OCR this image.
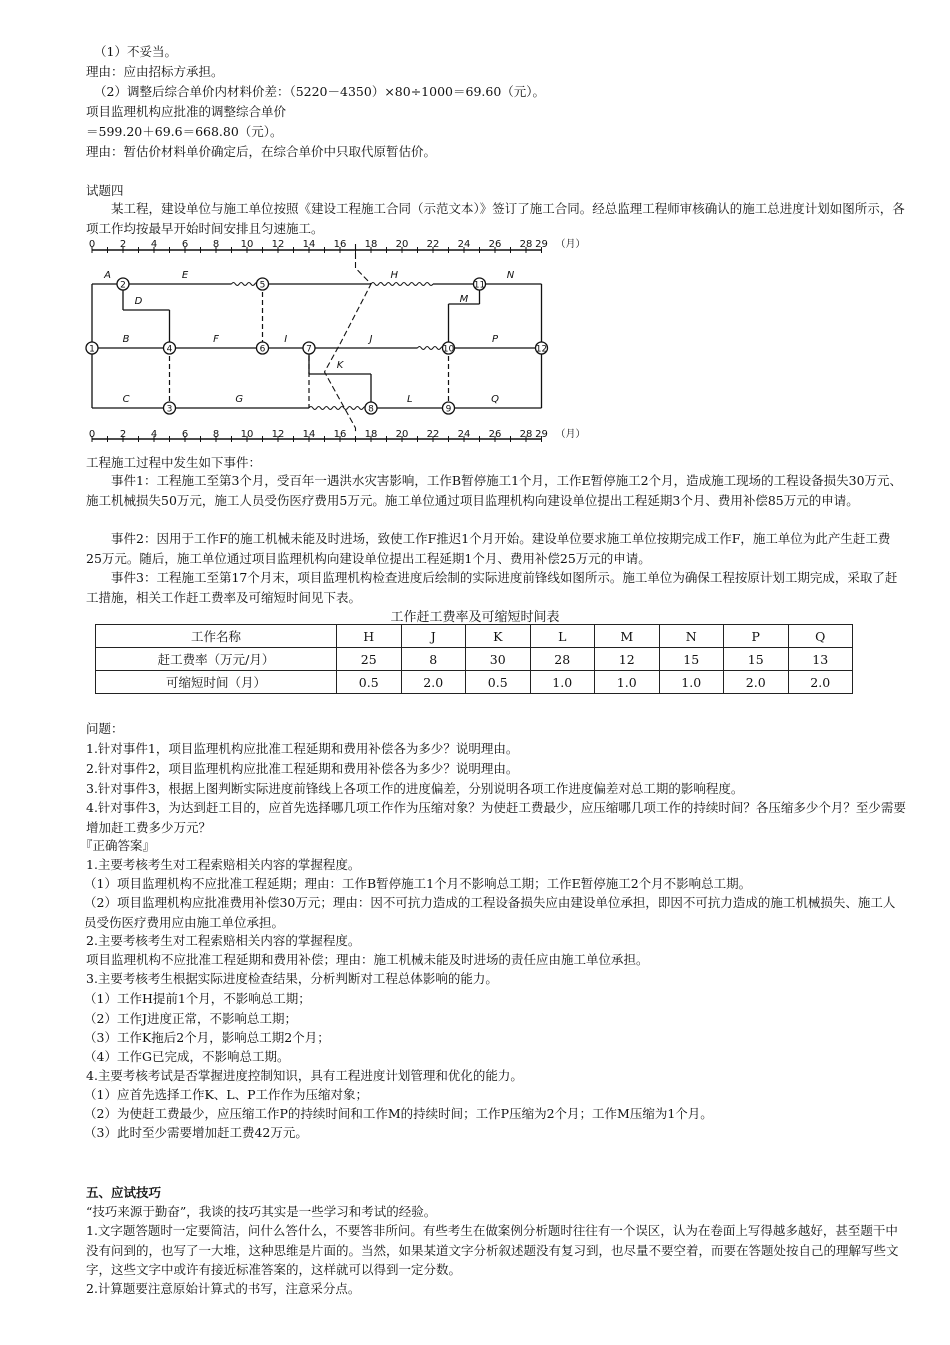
（1）不妥当。
理由：应由招标方承担。
（2）调整后综合单价内材料价差：（5220－4350）×80÷1000＝69.60（元）。
项目监理机构应批准的调整综合单价
＝599.20＋69.6＝668.80（元）。
理由：暂估价材料单价确定后，在综合单价中只取代原暂估价。
试题四
某工程，建设单位与施工单位按照《建设工程施工合同（示范文本）》签订了施工合同。经总监理工程师审核确认的施工总进度计划如图所示，各项工作均按最早开始时间安排且匀速施工。
0 2 4 6 8 10 12 14 16 18 20 22 24 26 28 29 （月）
0 2 4 6 8 10 12 14 16 18 20 22 24 26 28 29 （月）
1
2
3
4
5
6	7
8	9
10
11
12
A
B
C
D
E
F
G
H
I	J
K
L
M
N
P
Q
工程施工过程中发生如下事件：
事件1：工程施工至第3个月，受百年一遇洪水灾害影响，工作B暂停施工1个月，工作E暂停施工2个月，造成施工现场的工程设备损失30万元、施工机械损失50万元，施工人员受伤医疗费用5万元。施工单位通过项目监理机构向建设单位提出工程延期3个月、费用补偿85万元的申请。
事件2：因用于工作F的施工机械未能及时进场，致使工作F推迟1个月开始。建设单位要求施工单位按期完成工作F，施工单位为此产生赶工费25万元。随后，施工单位通过项目监理机构向建设单位提出工程延期1个月、费用补偿25万元的申请。
事件3：工程施工至第17个月末，项目监理机构检查进度后绘制的实际进度前锋线如图所示。施工单位为确保工程按原计划工期完成，采取了赶工措施，相关工作赶工费率及可缩短时间见下表。
工作赶工费率及可缩短时间表
工作名称	H	J	K	L	M	N	P	Q
赶工费率（万元/月）	25	8	30	28	12	15	15	13
可缩短时间（月）	0.5	2.0	0.5	1.0	1.0	1.0	2.0	2.0
问题：
1.针对事件1，项目监理机构应批准工程延期和费用补偿各为多少？说明理由。
2.针对事件2，项目监理机构应批准工程延期和费用补偿各为多少？说明理由。
3.针对事件3，根据上图判断实际进度前锋线上各项工作的进度偏差，分别说明各项工作进度偏差对总工期的影响程度。
4.针对事件3，为达到赶工目的，应首先选择哪几项工作作为压缩对象？为使赶工费最少，应压缩哪几项工作的持续时间？各压缩多少个月？至少需要增加赶工费多少万元？
『正确答案』
1.主要考核考生对工程索赔相关内容的掌握程度。
（1）项目监理机构不应批准工程延期；理由：工作B暂停施工1个月不影响总工期；工作E暂停施工2个月不影响总工期。
（2）项目监理机构应批准费用补偿30万元；理由：因不可抗力造成的工程设备损失应由建设单位承担，即因不可抗力造成的施工机械损失、施工人员受伤医疗费用应由施工单位承担。
2.主要考核考生对工程索赔相关内容的掌握程度。
项目监理机构不应批准工程延期和费用补偿；理由：施工机械未能及时进场的责任应由施工单位承担。
3.主要考核考生根据实际进度检查结果，分析判断对工程总体影响的能力。
（1）工作H提前1个月，不影响总工期；
（2）工作J进度正常，不影响总工期；
（3）工作K拖后2个月，影响总工期2个月；
（4）工作G已完成，不影响总工期。
4.主要考核考试是否掌握进度控制知识，具有工程进度计划管理和优化的能力。
（1）应首先选择工作K、L、P工作作为压缩对象；
（2）为使赶工费最少，应压缩工作P的持续时间和工作M的持续时间；工作P压缩为2个月；工作M压缩为1个月。
（3）此时至少需要增加赶工费42万元。
五、应试技巧
“技巧来源于勤奋”，我谈的技巧其实是一些学习和考试的经验。
1.文字题答题时一定要简洁，问什么答什么，不要答非所问。有些考生在做案例分析题时往往有一个误区，认为在卷面上写得越多越好，甚至题干中没有问到的，也写了一大堆，这种思维是片面的。当然，如果某道文字分析叙述题没有复习到，也尽量不要空着，而要在答题处按自己的理解写些文字，这些文字中或许有接近标准答案的，这样就可以得到一定分数。
2.计算题要注意原始计算式的书写，注意采分点。
